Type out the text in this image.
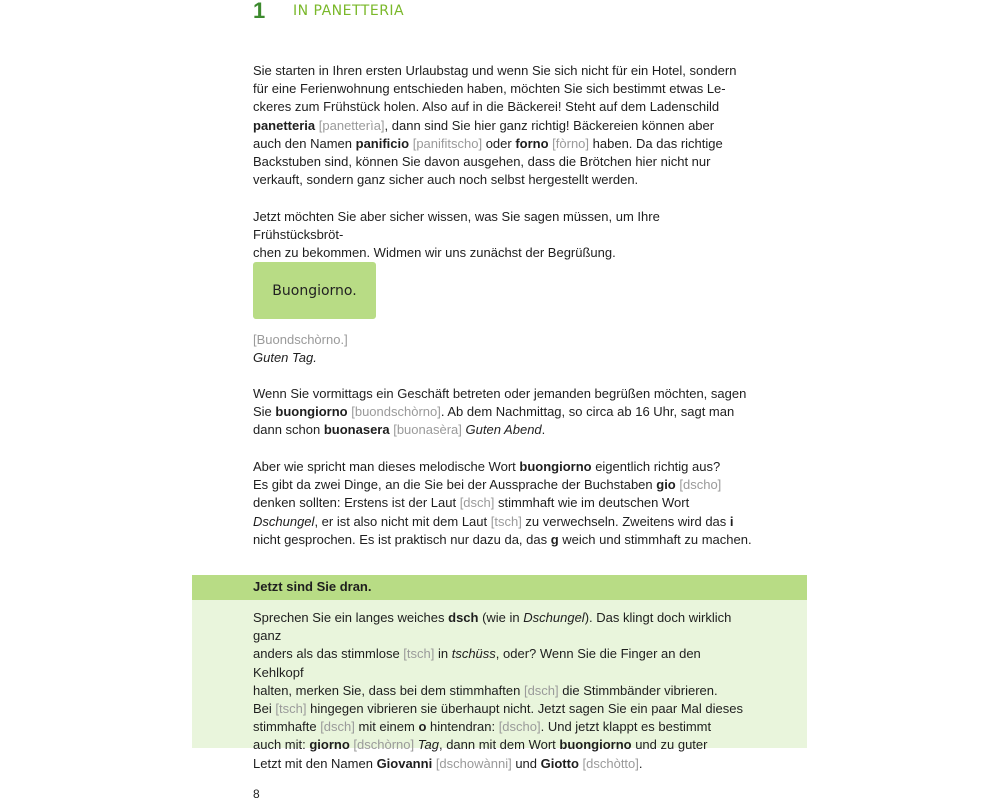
1 IN PANETTERIA
Sie starten in Ihren ersten Urlaubstag und wenn Sie sich nicht für ein Hotel, sondern
für eine Ferienwohnung entschieden haben, möchten Sie sich bestimmt etwas Le-
ckeres zum Frühstück holen. Also auf in die Bäckerei! Steht auf dem Ladenschild
panetteria [panetterìa], dann sind Sie hier ganz richtig! Bäckereien können aber
auch den Namen panificio [panifitscho] oder forno [fòrno] haben. Da das richtige
Backstuben sind, können Sie davon ausgehen, dass die Brötchen hier nicht nur
verkauft, sondern ganz sicher auch noch selbst hergestellt werden.
Jetzt möchten Sie aber sicher wissen, was Sie sagen müssen, um Ihre Frühstücksbröt-
chen zu bekommen. Widmen wir uns zunächst der Begrüßung.
Buongiorno.
[Buondschòrno.]
Guten Tag.
Wenn Sie vormittags ein Geschäft betreten oder jemanden begrüßen möchten, sagen
Sie buongiorno [buondschòrno]. Ab dem Nachmittag, so circa ab 16 Uhr, sagt man
dann schon buonasera [buonasèra] Guten Abend.
Aber wie spricht man dieses melodische Wort buongiorno eigentlich richtig aus?
Es gibt da zwei Dinge, an die Sie bei der Aussprache der Buchstaben gio [dscho]
denken sollten: Erstens ist der Laut [dsch] stimmhaft wie im deutschen Wort
Dschungel, er ist also nicht mit dem Laut [tsch] zu verwechseln. Zweitens wird das i
nicht gesprochen. Es ist praktisch nur dazu da, das g weich und stimmhaft zu machen.
Jetzt sind Sie dran.
Sprechen Sie ein langes weiches dsch (wie in Dschungel). Das klingt doch wirklich ganz
anders als das stimmlose [tsch] in tschüss, oder? Wenn Sie die Finger an den Kehlkopf
halten, merken Sie, dass bei dem stimmhaften [dsch] die Stimmbänder vibrieren.
Bei [tsch] hingegen vibrieren sie überhaupt nicht. Jetzt sagen Sie ein paar Mal dieses
stimmhafte [dsch] mit einem o hintendran: [dscho]. Und jetzt klappt es bestimmt
auch mit: giorno [dschòrno] Tag, dann mit dem Wort buongiorno und zu guter
Letzt mit den Namen Giovanni [dschowànni] und Giotto [dschòtto].
8
